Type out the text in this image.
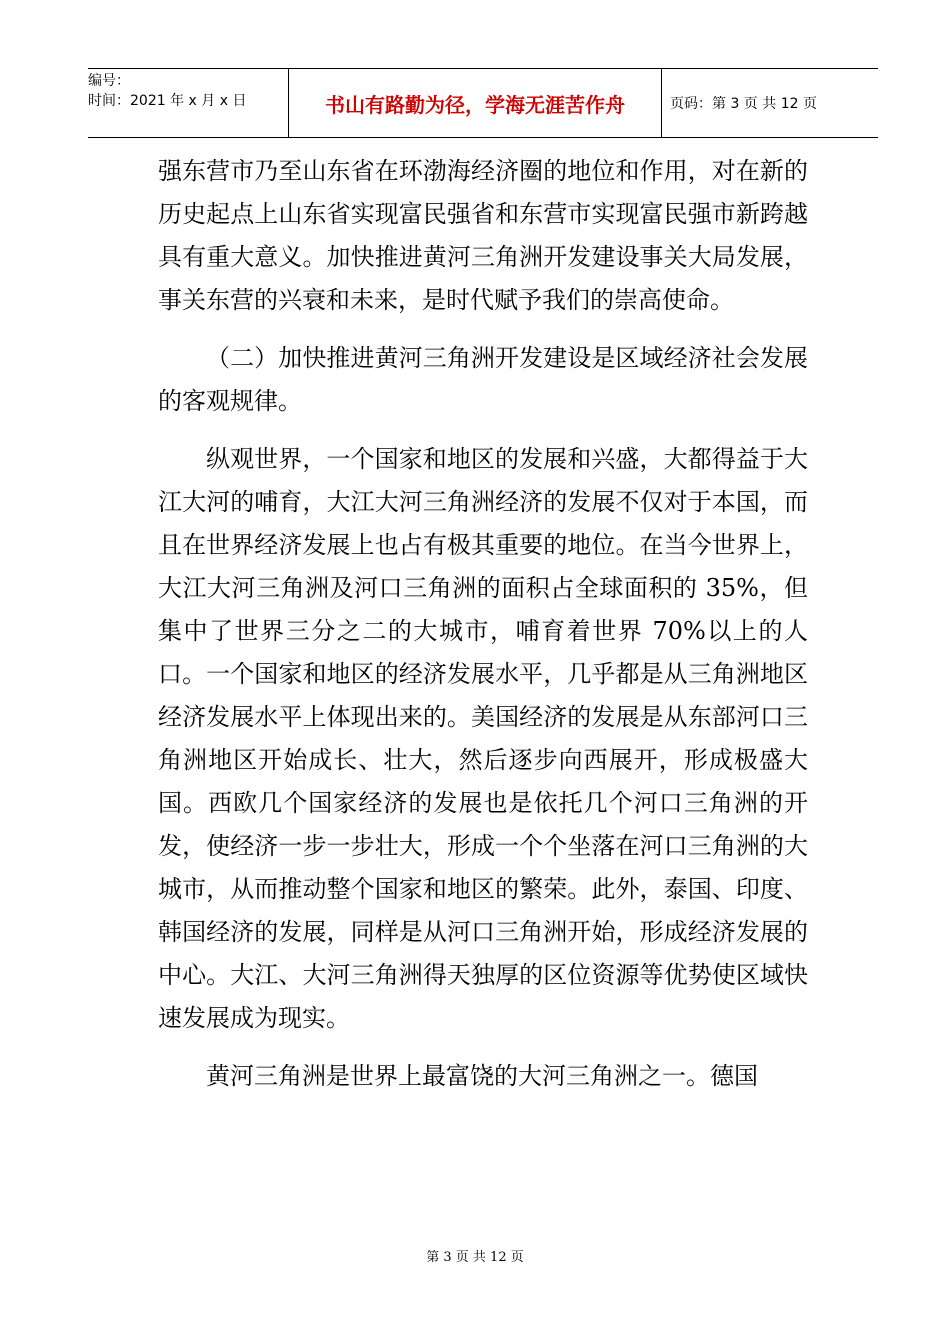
编号：
时间：2021 年 x 月 x 日	书山有路勤为径，学海无涯苦作舟	页码：第 3 页 共 12 页

强东营市乃至山东省在环渤海经济圈的地位和作用，对在新的历史起点上山东省实现富民强省和东营市实现富民强市新跨越具有重大意义。加快推进黄河三角洲开发建设事关大局发展，事关东营的兴衰和未来，是时代赋予我们的崇高使命。

（二）加快推进黄河三角洲开发建设是区域经济社会发展的客观规律。

纵观世界，一个国家和地区的发展和兴盛，大都得益于大江大河的哺育，大江大河三角洲经济的发展不仅对于本国，而且在世界经济发展上也占有极其重要的地位。在当今世界上，大江大河三角洲及河口三角洲的面积占全球面积的 35%，但集中了世界三分之二的大城市，哺育着世界 70%以上的人口。一个国家和地区的经济发展水平，几乎都是从三角洲地区经济发展水平上体现出来的。美国经济的发展是从东部河口三角洲地区开始成长、壮大，然后逐步向西展开，形成极盛大国。西欧几个国家经济的发展也是依托几个河口三角洲的开发，使经济一步一步壮大，形成一个个坐落在河口三角洲的大城市，从而推动整个国家和地区的繁荣。此外，泰国、印度、韩国经济的发展，同样是从河口三角洲开始，形成经济发展的中心。大江、大河三角洲得天独厚的区位资源等优势使区域快速发展成为现实。

黄河三角洲是世界上最富饶的大河三角洲之一。德国

第 3 页 共 12 页
